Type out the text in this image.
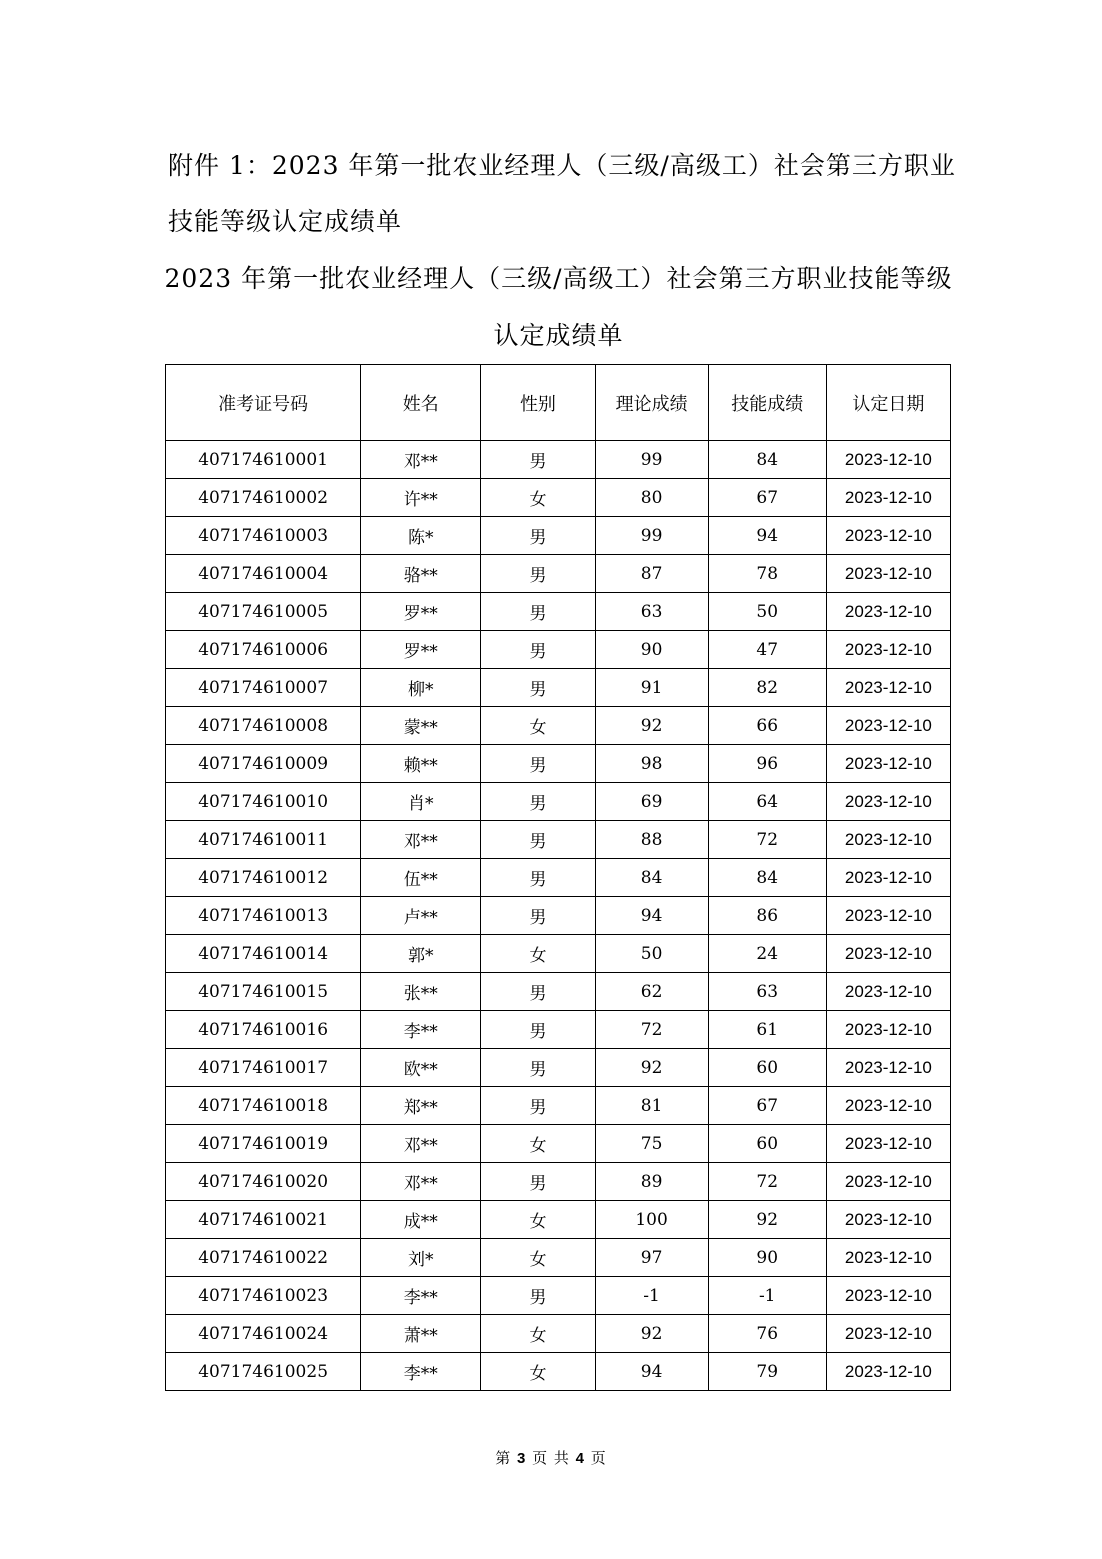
附件 1：2023 年第一批农业经理人（三级/高级工）社会第三方职业
技能等级认定成绩单
2023 年第一批农业经理人（三级/高级工）社会第三方职业技能等级
认定成绩单
准考证号码	姓名	性别	理论成绩	技能成绩	认定日期
407174610001	邓**	男	99	84	2023-12-10
407174610002	许**	女	80	67	2023-12-10
407174610003	陈*	男	99	94	2023-12-10
407174610004	骆**	男	87	78	2023-12-10
407174610005	罗**	男	63	50	2023-12-10
407174610006	罗**	男	90	47	2023-12-10
407174610007	柳*	男	91	82	2023-12-10
407174610008	蒙**	女	92	66	2023-12-10
407174610009	赖**	男	98	96	2023-12-10
407174610010	肖*	男	69	64	2023-12-10
407174610011	邓**	男	88	72	2023-12-10
407174610012	伍**	男	84	84	2023-12-10
407174610013	卢**	男	94	86	2023-12-10
407174610014	郭*	女	50	24	2023-12-10
407174610015	张**	男	62	63	2023-12-10
407174610016	李**	男	72	61	2023-12-10
407174610017	欧**	男	92	60	2023-12-10
407174610018	郑**	男	81	67	2023-12-10
407174610019	邓**	女	75	60	2023-12-10
407174610020	邓**	男	89	72	2023-12-10
407174610021	成**	女	100	92	2023-12-10
407174610022	刘*	女	97	90	2023-12-10
407174610023	李**	男	-1	-1	2023-12-10
407174610024	萧**	女	92	76	2023-12-10
407174610025	李**	女	94	79	2023-12-10
第 3 页 共 4 页
